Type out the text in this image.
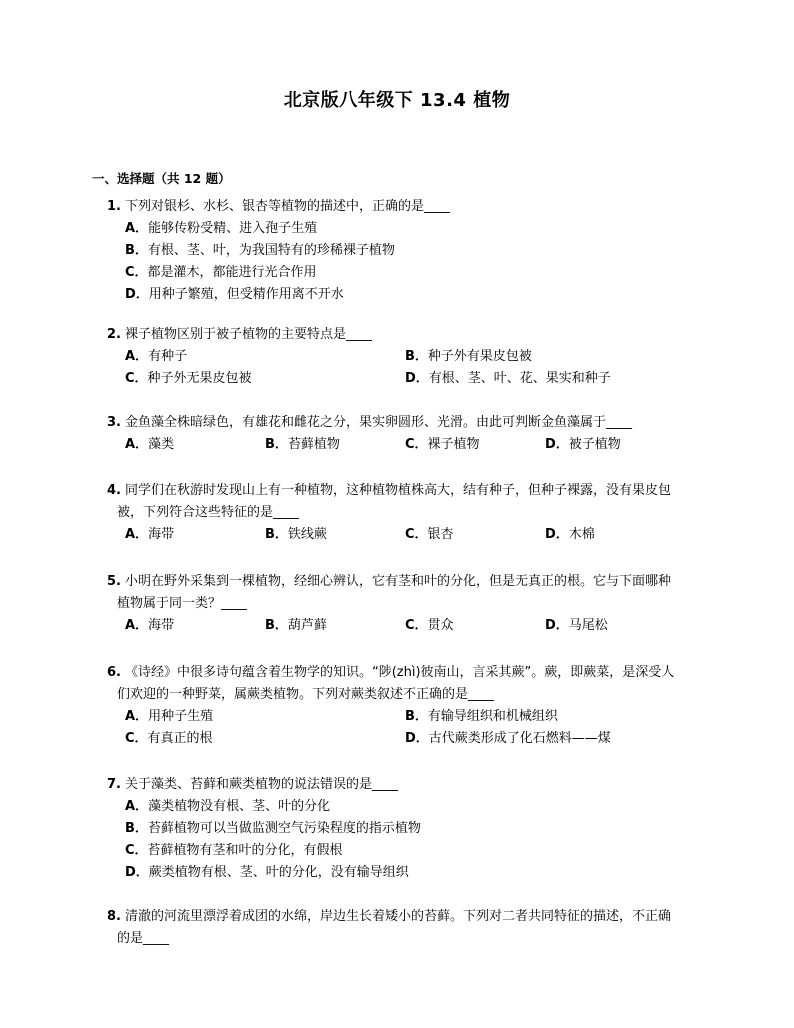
北京版八年级下 13.4 植物
一、选择题（共 12 题）
1. 下列对银杉、水杉、银杏等植物的描述中，正确的是____
A．能够传粉受精、进入孢子生殖
B．有根、茎、叶，为我国特有的珍稀裸子植物
C．都是灌木，都能进行光合作用
D．用种子繁殖，但受精作用离不开水
2. 裸子植物区别于被子植物的主要特点是____
A．有种子	B．种子外有果皮包被
C．种子外无果皮包被	D．有根、茎、叶、花、果实和种子
3. 金鱼藻全株暗绿色，有雄花和雌花之分，果实卵圆形、光滑。由此可判断金鱼藻属于____
A．藻类	B．苔藓植物	C．裸子植物	D．被子植物
4. 同学们在秋游时发现山上有一种植物，这种植物植株高大，结有种子，但种子裸露，没有果皮包
被，下列符合这些特征的是____
A．海带	B．铁线蕨	C．银杏	D．木棉
5. 小明在野外采集到一棵植物，经细心辨认，它有茎和叶的分化，但是无真正的根。它与下面哪种
植物属于同一类？____
A．海带	B．葫芦藓	C．贯众	D．马尾松
6. 《诗经》中很多诗句蕴含着生物学的知识。“陟(zhì)彼南山，言采其蕨”。蕨，即蕨菜，是深受人
们欢迎的一种野菜，属蕨类植物。下列对蕨类叙述不正确的是____
A．用种子生殖	B．有输导组织和机械组织
C．有真正的根	D．古代蕨类形成了化石燃料——煤
7. 关于藻类、苔藓和蕨类植物的说法错误的是____
A．藻类植物没有根、茎、叶的分化
B．苔藓植物可以当做监测空气污染程度的指示植物
C．苔藓植物有茎和叶的分化，有假根
D．蕨类植物有根、茎、叶的分化，没有输导组织
8. 清澈的河流里漂浮着成团的水绵，岸边生长着矮小的苔藓。下列对二者共同特征的描述，不正确
的是____
